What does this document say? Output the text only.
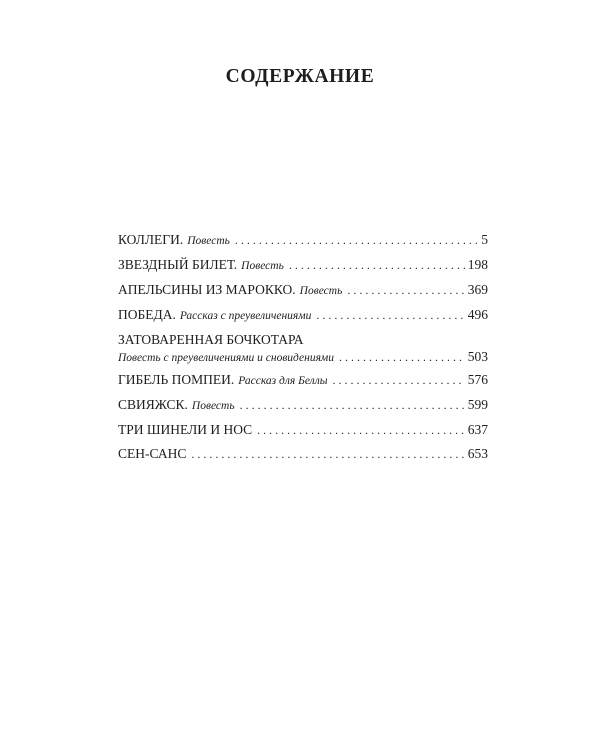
СОДЕРЖАНИЕ
КОЛЛЕГИ. Повесть . . .	5
ЗВЕЗДНЫЙ БИЛЕТ. Повесть . . .	198
АПЕЛЬСИНЫ ИЗ МАРОККО. Повесть . . .	369
ПОБЕДА. Рассказ с преувеличениями . . .	496
ЗАТОВАРЕННАЯ БОЧКОТАРА
Повесть с преувеличениями и сновидениями . . .	503
ГИБЕЛЬ ПОМПЕИ. Рассказ для Беллы . . .	576
СВИЯЖСК. Повесть . . .	599
ТРИ ШИНЕЛИ И НОС . . .	637
СЕН-САНС . . .	653
